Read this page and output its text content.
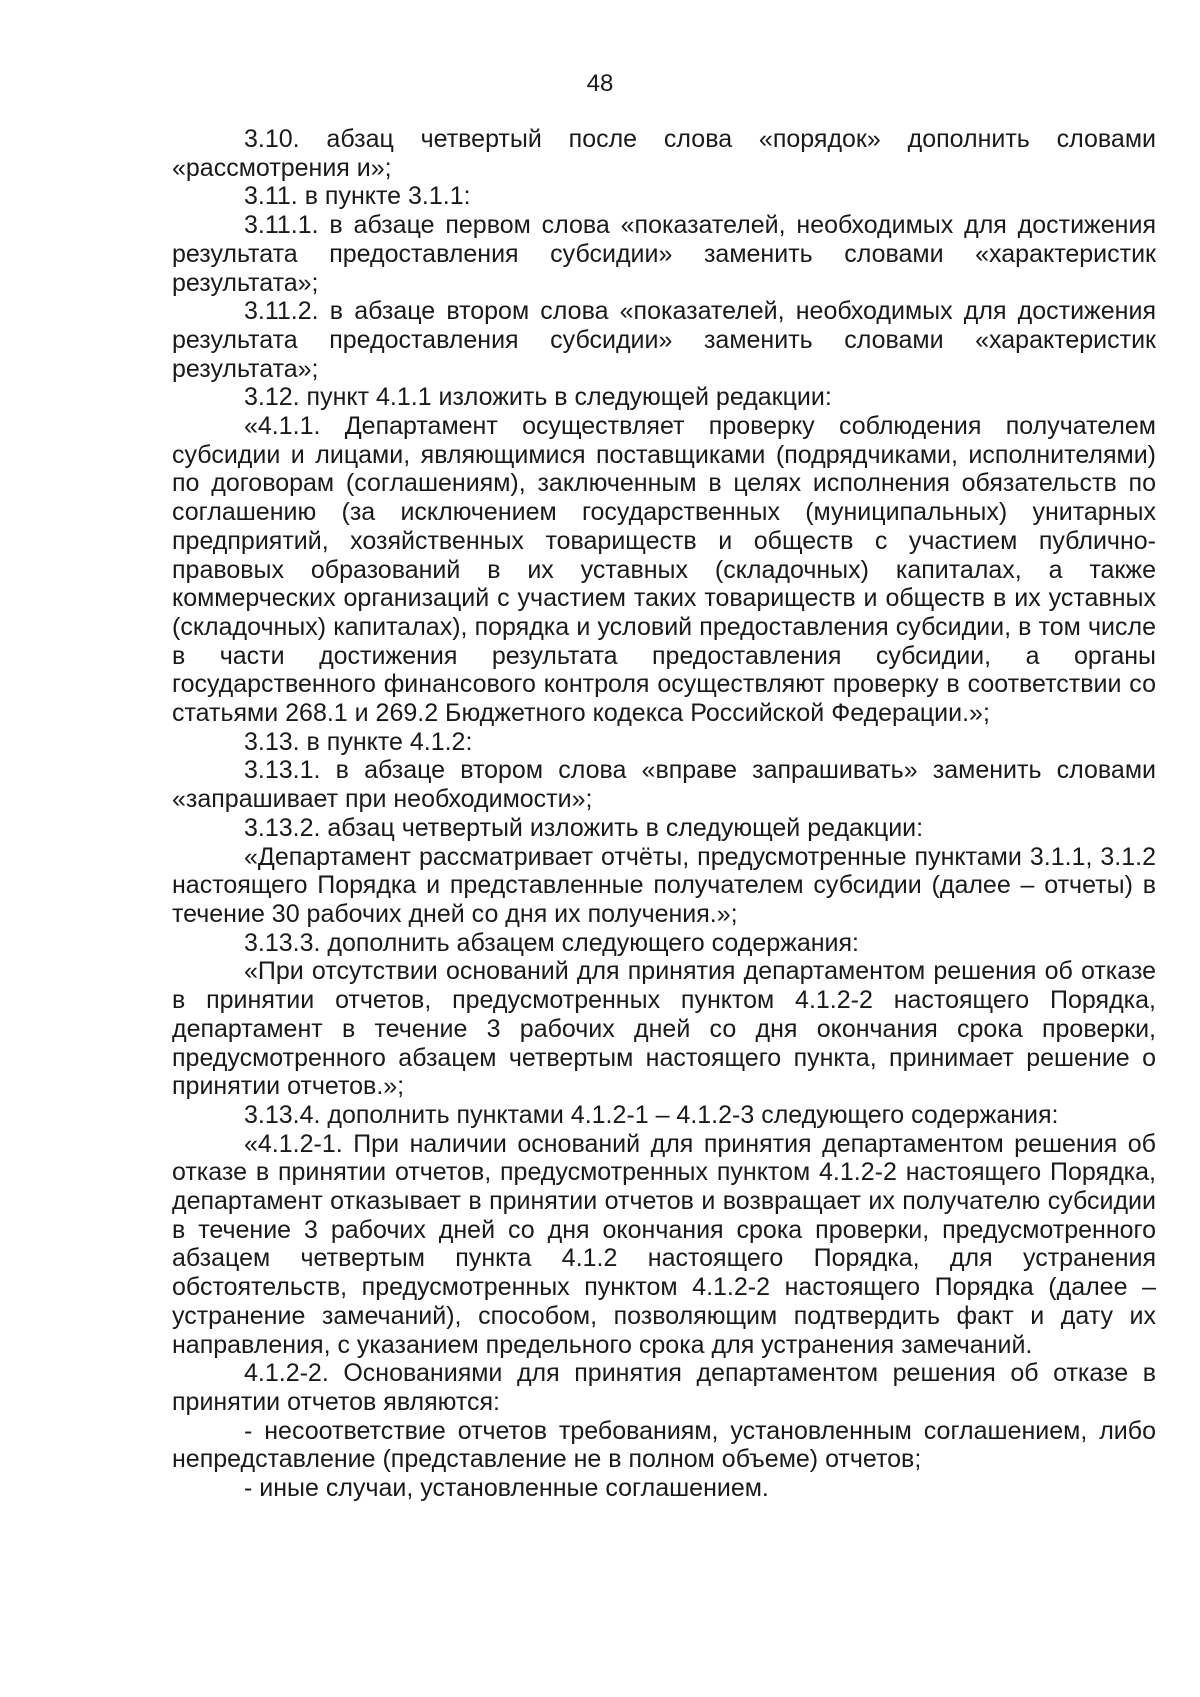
48

3.10. абзац четвертый после слова «порядок» дополнить словами «рассмотрения и»;

3.11. в пункте 3.1.1:

3.11.1. в абзаце первом слова «показателей, необходимых для достижения результата предоставления субсидии» заменить словами «характеристик результата»;

3.11.2. в абзаце втором слова «показателей, необходимых для достижения результата предоставления субсидии» заменить словами «характеристик результата»;

3.12. пункт 4.1.1 изложить в следующей редакции:

«4.1.1. Департамент осуществляет проверку соблюдения получателем субсидии и лицами, являющимися поставщиками (подрядчиками, исполнителями) по договорам (соглашениям), заключенным в целях исполнения обязательств по соглашению (за исключением государственных (муниципальных) унитарных предприятий, хозяйственных товариществ и обществ с участием публично-правовых образований в их уставных (складочных) капиталах, а также коммерческих организаций с участием таких товариществ и обществ в их уставных (складочных) капиталах), порядка и условий предоставления субсидии, в том числе в части достижения результата предоставления субсидии, а органы государственного финансового контроля осуществляют проверку в соответствии со статьями 268.1 и 269.2 Бюджетного кодекса Российской Федерации.»;

3.13. в пункте 4.1.2:

3.13.1. в абзаце втором слова «вправе запрашивать» заменить словами «запрашивает при необходимости»;

3.13.2. абзац четвертый изложить в следующей редакции:

«Департамент рассматривает отчёты, предусмотренные пунктами 3.1.1, 3.1.2 настоящего Порядка и представленные получателем субсидии (далее – отчеты) в течение 30 рабочих дней со дня их получения.»;

3.13.3. дополнить абзацем следующего содержания:

«При отсутствии оснований для принятия департаментом решения об отказе в принятии отчетов, предусмотренных пунктом 4.1.2-2 настоящего Порядка, департамент в течение 3 рабочих дней со дня окончания срока проверки, предусмотренного абзацем четвертым настоящего пункта, принимает решение о принятии отчетов.»;

3.13.4. дополнить пунктами 4.1.2-1 – 4.1.2-3 следующего содержания:

«4.1.2-1. При наличии оснований для принятия департаментом решения об отказе в принятии отчетов, предусмотренных пунктом 4.1.2-2 настоящего Порядка, департамент отказывает в принятии отчетов и возвращает их получателю субсидии в течение 3 рабочих дней со дня окончания срока проверки, предусмотренного абзацем четвертым пункта 4.1.2 настоящего Порядка, для устранения обстоятельств, предусмотренных пунктом 4.1.2-2 настоящего Порядка (далее – устранение замечаний), способом, позволяющим подтвердить факт и дату их направления, с указанием предельного срока для устранения замечаний.

4.1.2-2. Основаниями для принятия департаментом решения об отказе в принятии отчетов являются:

- несоответствие отчетов требованиям, установленным соглашением, либо непредставление (представление не в полном объеме) отчетов;

- иные случаи, установленные соглашением.
